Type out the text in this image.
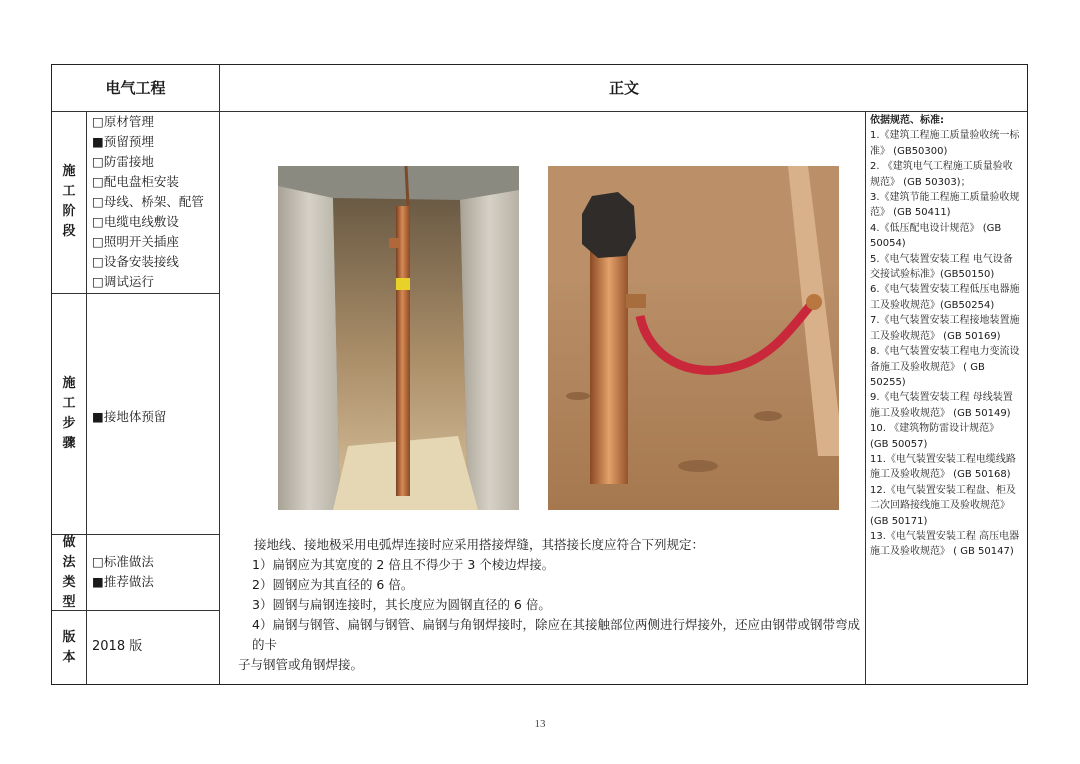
电气工程	正文
施
工
阶
段
□原材管理
■预留预埋
□防雷接地
□配电盘柜安装
□母线、桥架、配管
□电缆电线敷设
□照明开关插座
□设备安装接线
□调试运行
施
工
步
骤
■接地体预留
做
法
类
型
□标准做法
■推荐做法
版
本
2018 版

接地线、接地极采用电弧焊连接时应采用搭接焊缝，其搭接长度应符合下列规定：

1）扁钢应为其宽度的 2 倍且不得少于 3 个棱边焊接。

2）圆钢应为其直径的 6 倍。

3）圆钢与扁钢连接时，其长度应为圆钢直径的 6 倍。

4）扁钢与钢管、扁钢与钢管、扁钢与角钢焊接时，除应在其接触部位两侧进行焊接外，还应由钢带或钢带弯成的卡

子与钢管或角钢焊接。

依据规范、标准:
1.《建筑工程施工质量验收统一标准》 (GB50300)
2. 《建筑电气工程施工质量验收规范》 (GB 50303)；
3.《建筑节能工程施工质量验收规范》 (GB 50411)
4.《低压配电设计规范》 (GB 50054)
5.《电气装置安装工程 电气设备交接试验标准》(GB50150)
6.《电气装置安装工程低压电器施工及验收规范》(GB50254)
7.《电气装置安装工程接地装置施工及验收规范》 (GB 50169)
8.《电气装置安装工程电力变流设备施工及验收规范》 ( GB 50255)
9.《电气装置安装工程 母线装置施工及验收规范》 (GB 50149)
10. 《建筑物防雷设计规范》 (GB 50057)
11.《电气装置安装工程电缆线路施工及验收规范》 (GB 50168)
12.《电气装置安装工程盘、柜及二次回路接线施工及验收规范》 (GB 50171)
13.《电气装置安装工程 高压电器施工及验收规范》 ( GB 50147)
13
